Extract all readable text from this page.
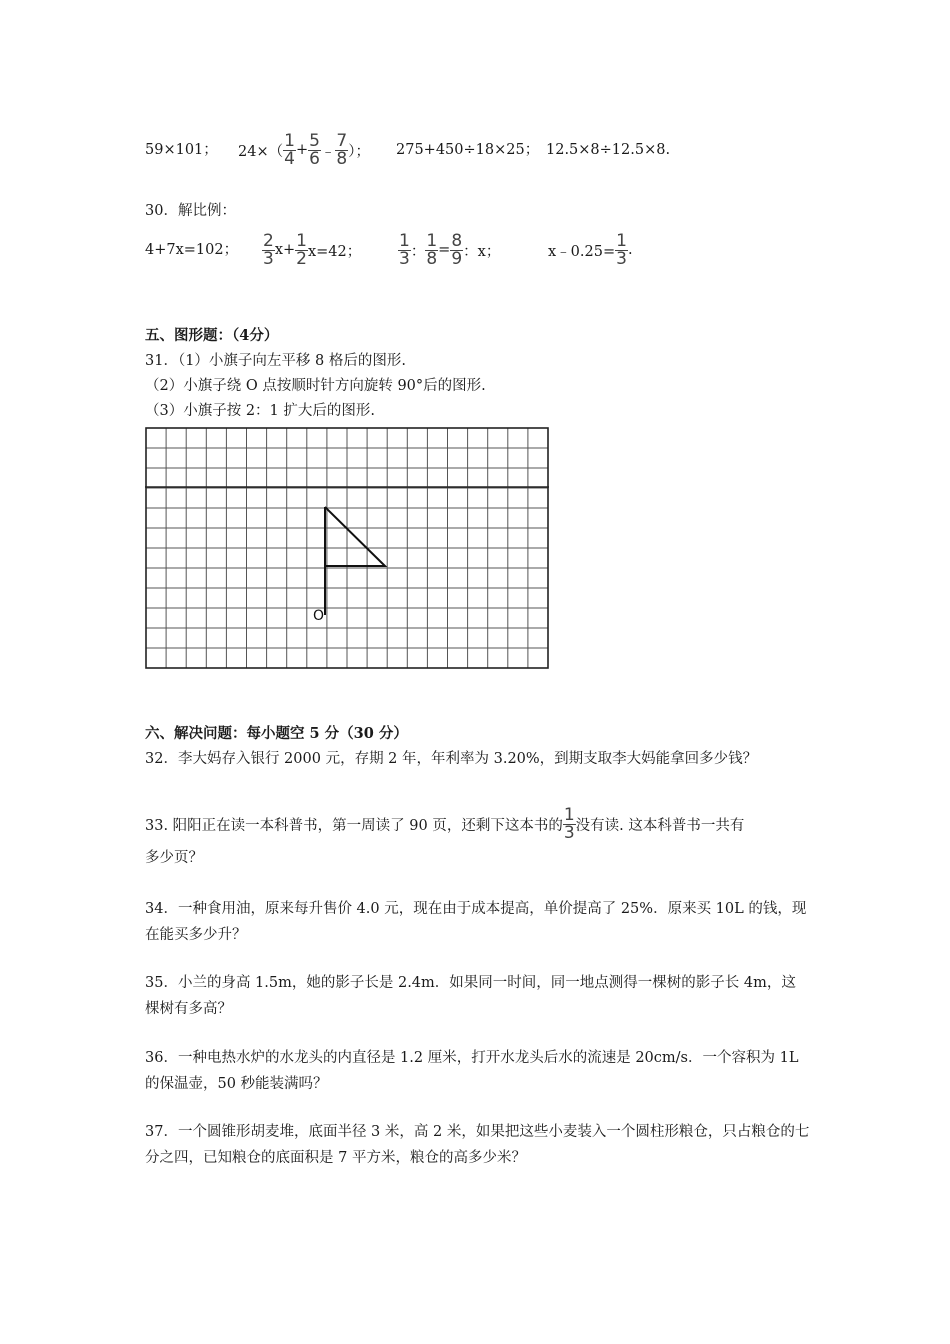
59×101； $24\times( \frac{1}{4} + \frac{5}{6}$ ﹣ $\frac{7}{8}$ ）； 275+450÷18×25； 12.5×8÷12.5×8.
30．解比例：
4+7x=102； $\frac{2}{3} x+ \frac{1}{2} x=42$； $\frac{1}{3}$ ： $\frac{1}{8} = \frac{8}{9}$ ：x；	x﹣0.25= $\frac{1}{3}$ .
五、图形题：（4分）
31．（1）小旗子向左平移 8 格后的图形.
（2）小旗子绕 O 点按顺时针方向旋转 90°后的图形.
（3）小旗子按 2：1 扩大后的图形.
O
六、解决问题：每小题空 5 分（30 分）
32．李大妈存入银行 2000 元，存期 2 年，年利率为 3.20%，到期支取李大妈能拿回多少钱？
33. 阳阳正在读一本科普书，第一周读了 90 页，还剩下这本书的 $\frac{1}{3}$ 没有读. 这本科普书一共有
多少页？
34．一种食用油，原来每升售价 4.0 元，现在由于成本提高，单价提高了 25%．原来买 10L 的钱，现在能买多少升？
35．小兰的身高 1.5m，她的影子长是 2.4m．如果同一时间，同一地点测得一棵树的影子长 4m，这棵树有多高？
36．一种电热水炉的水龙头的内直径是 1.2 厘米，打开水龙头后水的流速是 20cm/s．一个容积为 1L 的保温壶，50 秒能装满吗？
37．一个圆锥形胡麦堆，底面半径 3 米，高 2 米，如果把这些小麦装入一个圆柱形粮仓，只占粮仓的七分之四，已知粮仓的底面积是 7 平方米，粮仓的高多少米？
